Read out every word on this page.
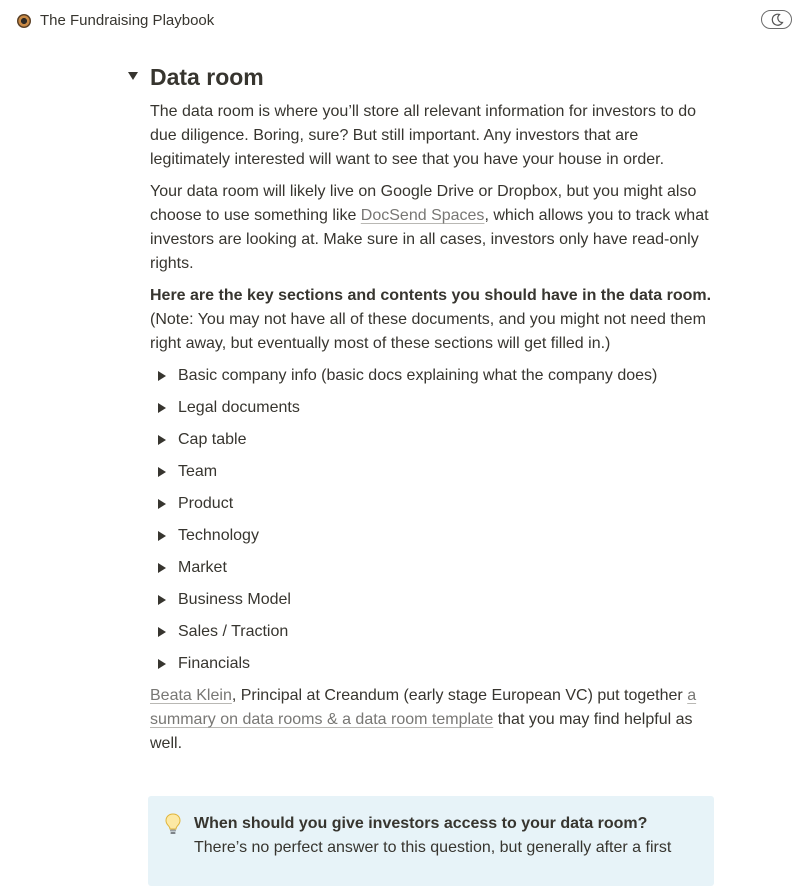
The Fundraising Playbook
Data room

The data room is where you’ll store all relevant information for investors to do due diligence. Boring, sure? But still important. Any investors that are legitimately interested will want to see that you have your house in order.

Your data room will likely live on Google Drive or Dropbox, but you might also choose to use something like DocSend Spaces, which allows you to track what investors are looking at. Make sure in all cases, investors only have read-only rights.

Here are the key sections and contents you should have in the data room. (Note: You may not have all of these documents, and you might not need them right away, but eventually most of these sections will get filled in.)

Basic company info (basic docs explaining what the company does)
Legal documents
Cap table
Team
Product
Technology
Market
Business Model
Sales / Traction
Financials

Beata Klein, Principal at Creandum (early stage European VC) put together a summary on data rooms & a data room template that you may find helpful as well.

When should you give investors access to your data room?
There’s no perfect answer to this question, but generally after a first
